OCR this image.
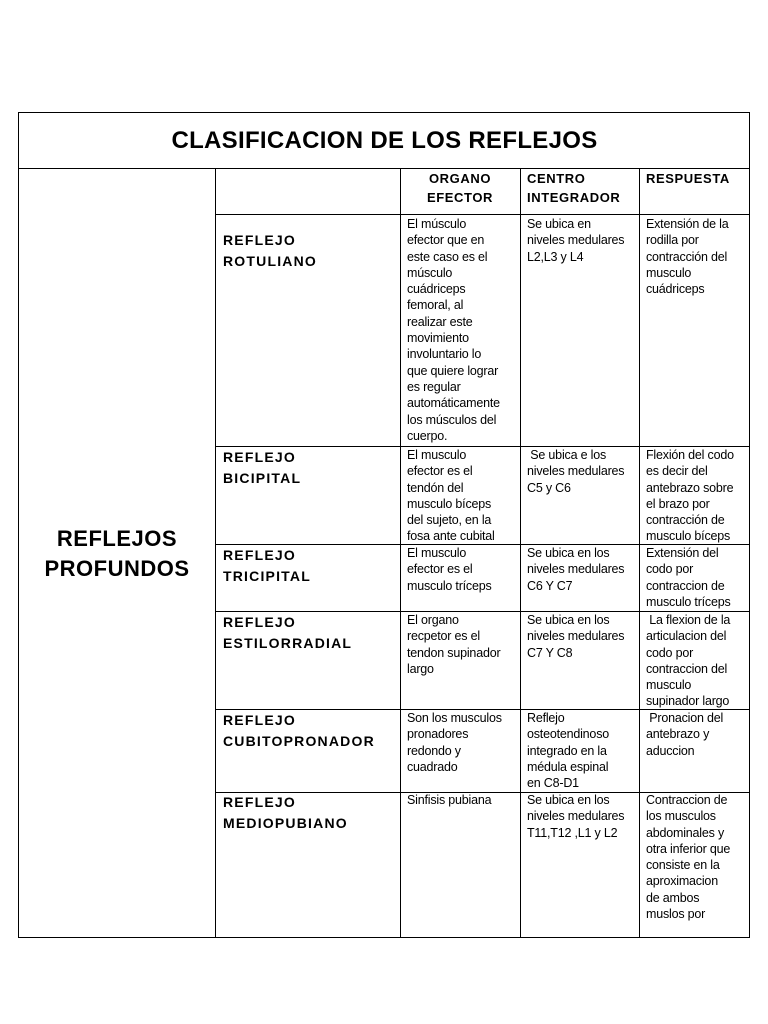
CLASIFICACION DE LOS REFLEJOS
REFLEJOS
PROFUNDOS
ORGANO
EFECTOR
CENTRO
INTEGRADOR
RESPUESTA
REFLEJO
ROTULIANO
REFLEJO
BICIPITAL
REFLEJO
TRICIPITAL
REFLEJO
ESTILORRADIAL
REFLEJO
CUBITOPRONADOR
REFLEJO
MEDIOPUBIANO
El músculo
efector que en
este caso es el
músculo
cuádriceps
femoral, al
realizar este
movimiento
involuntario lo
que quiere lograr
es regular
automáticamente
los músculos del
cuerpo.
Se ubica en
niveles medulares
L2,L3 y L4
Extensión de la
rodilla por
contracción del
musculo
cuádriceps
El musculo
efector es el
tendón del
musculo bíceps
del sujeto, en la
fosa ante cubital
Se ubica e los
niveles medulares
C5 y C6
Flexión del codo
es decir del
antebrazo sobre
el brazo por
contracción de
musculo bíceps
El musculo
efector es el
musculo tríceps
Se ubica en los
niveles medulares
C6 Y C7
Extensión del
codo por
contraccion de
musculo tríceps
El organo
recpetor es el
tendon supinador
largo
Se ubica en los
niveles medulares
C7 Y C8
La flexion de la
articulacion del
codo por
contraccion del
musculo
supinador largo
Son los musculos
pronadores
redondo y
cuadrado
Reflejo
osteotendinoso
integrado en la
médula espinal
en C8-D1
Pronacion del
antebrazo y
aduccion
Sinfisis pubiana	Se ubica en los
niveles medulares
T11,T12 ,L1 y L2
Contraccion de
los musculos
abdominales y
otra inferior que
consiste en la
aproximacion
de ambos
muslos por
